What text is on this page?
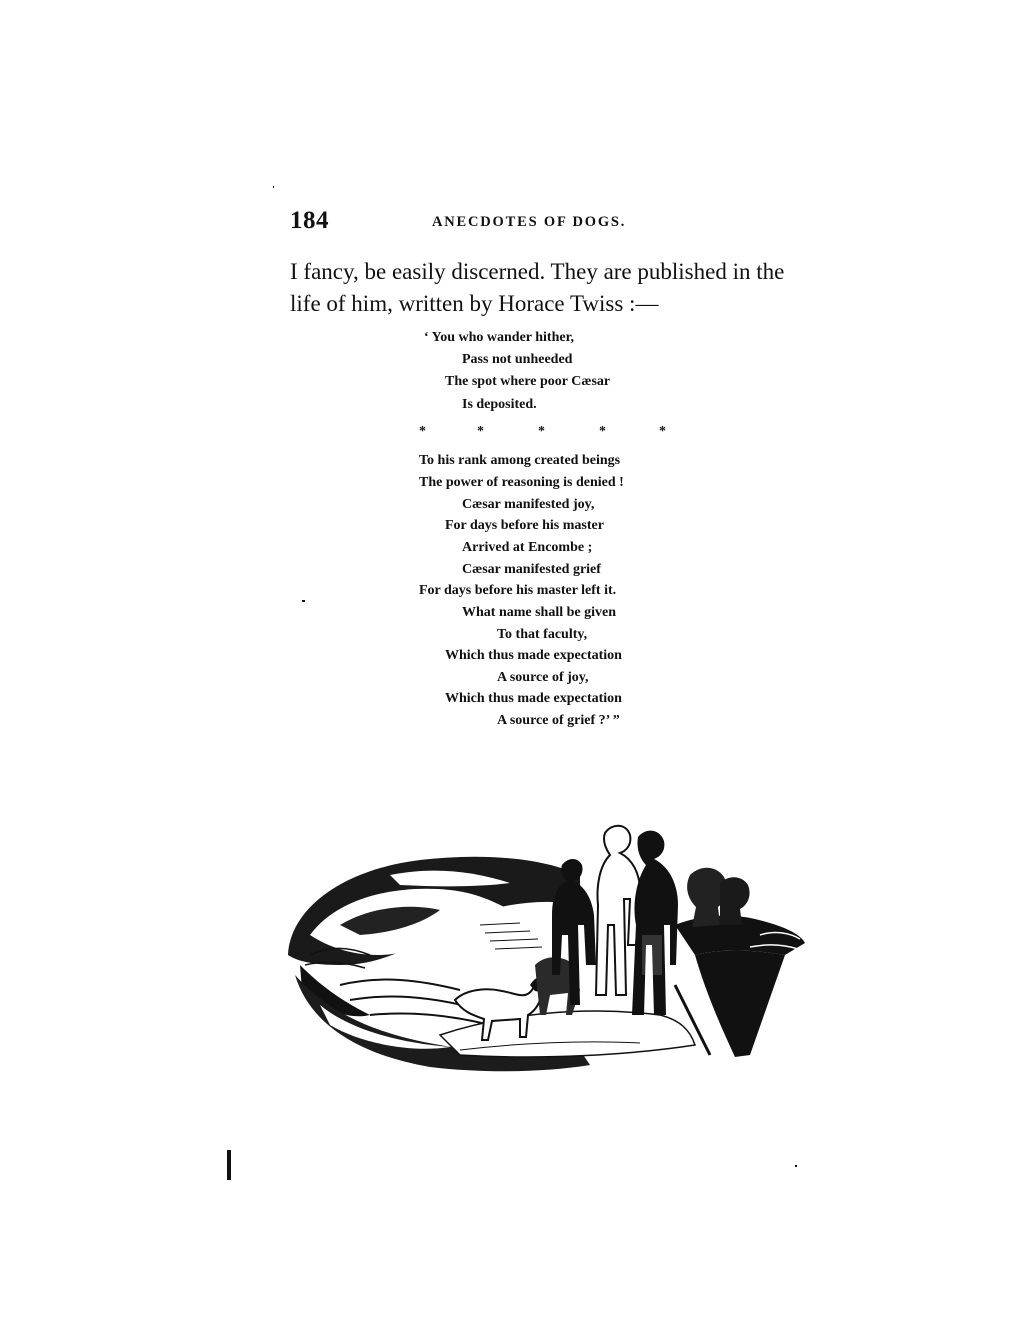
184	ANECDOTES OF DOGS.
I fancy, be easily discerned. They are published in the
life of him, written by Horace Twiss :—
‘ You who wander hither,
Pass not unheeded
The spot where poor Cæsar
Is deposited.
*	*	*	*	*
To his rank among created beings
The power of reasoning is denied !
Cæsar manifested joy,
For days before his master
Arrived at Encombe ;
Cæsar manifested grief
For days before his master left it.
What name shall be given
To that faculty,
Which thus made expectation
A source of joy,
Which thus made expectation
A source of grief ?’ ”
